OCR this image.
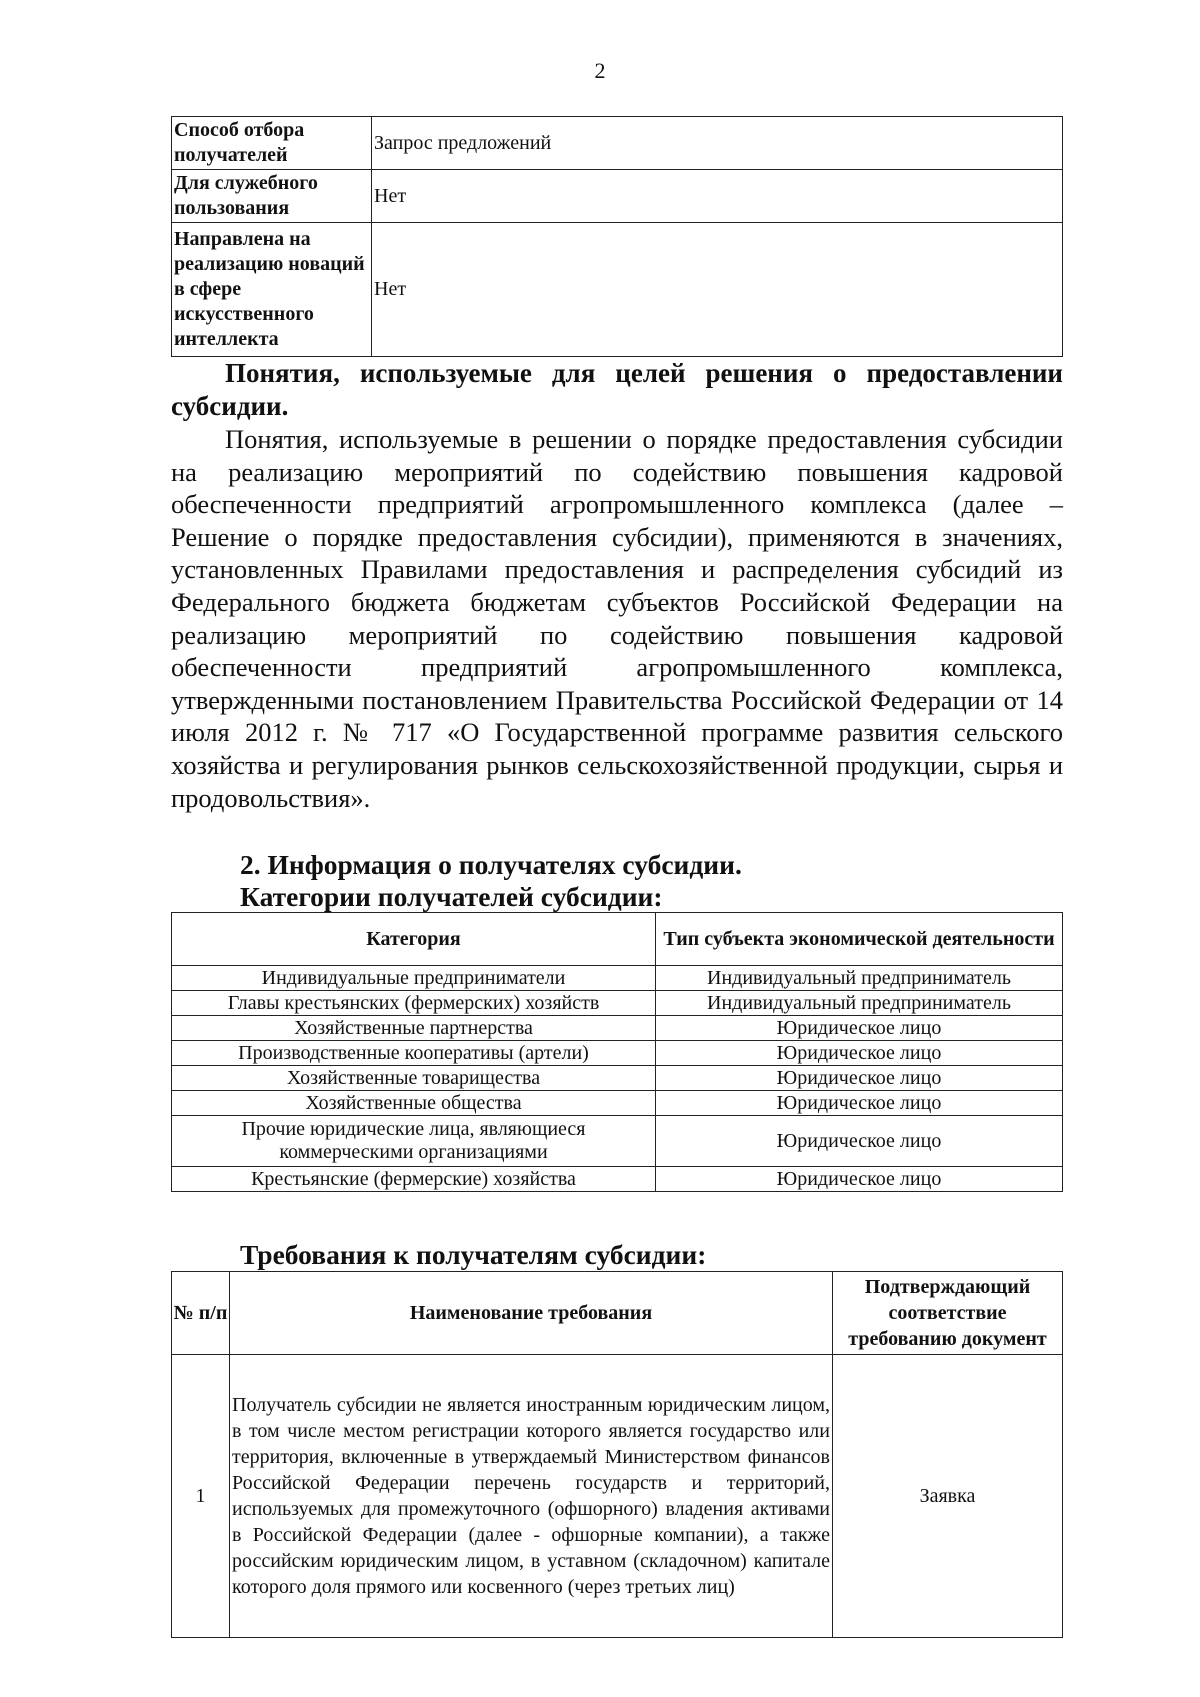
2
Способ отбора получателей	Запрос предложений
Для служебного пользования	Нет
Направлена на реализацию новаций в сфере искусственного интеллекта	Нет
Понятия, используемые для целей решения о предоставлении субсидии.
Понятия, используемые в решении о порядке предоставления субсидии на реализацию мероприятий по содействию повышения кадровой обеспеченности предприятий агропромышленного комплекса (далее – Решение о порядке предоставления субсидии), применяются в значениях, установленных Правилами предоставления и распределения субсидий из Федерального бюджета бюджетам субъектов Российской Федерации на реализацию мероприятий по содействию повышения кадровой обеспеченности предприятий агропромышленного комплекса, утвержденными постановлением Правительства Российской Федерации от 14 июля 2012 г. № 717 «О Государственной программе развития сельского хозяйства и регулирования рынков сельскохозяйственной продукции, сырья и продовольствия».
2. Информация о получателях субсидии.
Категории получателей субсидии:
Категория	Тип субъекта экономической деятельности
Индивидуальные предприниматели	Индивидуальный предприниматель
Главы крестьянских (фермерских) хозяйств	Индивидуальный предприниматель
Хозяйственные партнерства	Юридическое лицо
Производственные кооперативы (артели)	Юридическое лицо
Хозяйственные товарищества	Юридическое лицо
Хозяйственные общества	Юридическое лицо
Прочие юридические лица, являющиеся коммерческими организациями	Юридическое лицо
Крестьянские (фермерские) хозяйства	Юридическое лицо
Требования к получателям субсидии:
№ п/п	Наименование требования	Подтверждающий соответствие требованию документ
1	Получатель субсидии не является иностранным юридическим лицом, в том числе местом регистрации которого является государство или территория, включенные в утверждаемый Министерством финансов Российской Федерации перечень государств и территорий, используемых для промежуточного (офшорного) владения активами в Российской Федерации (далее - офшорные компании), а также российским юридическим лицом, в уставном (складочном) капитале которого доля прямого или косвенного (через третьих лиц)	Заявка
